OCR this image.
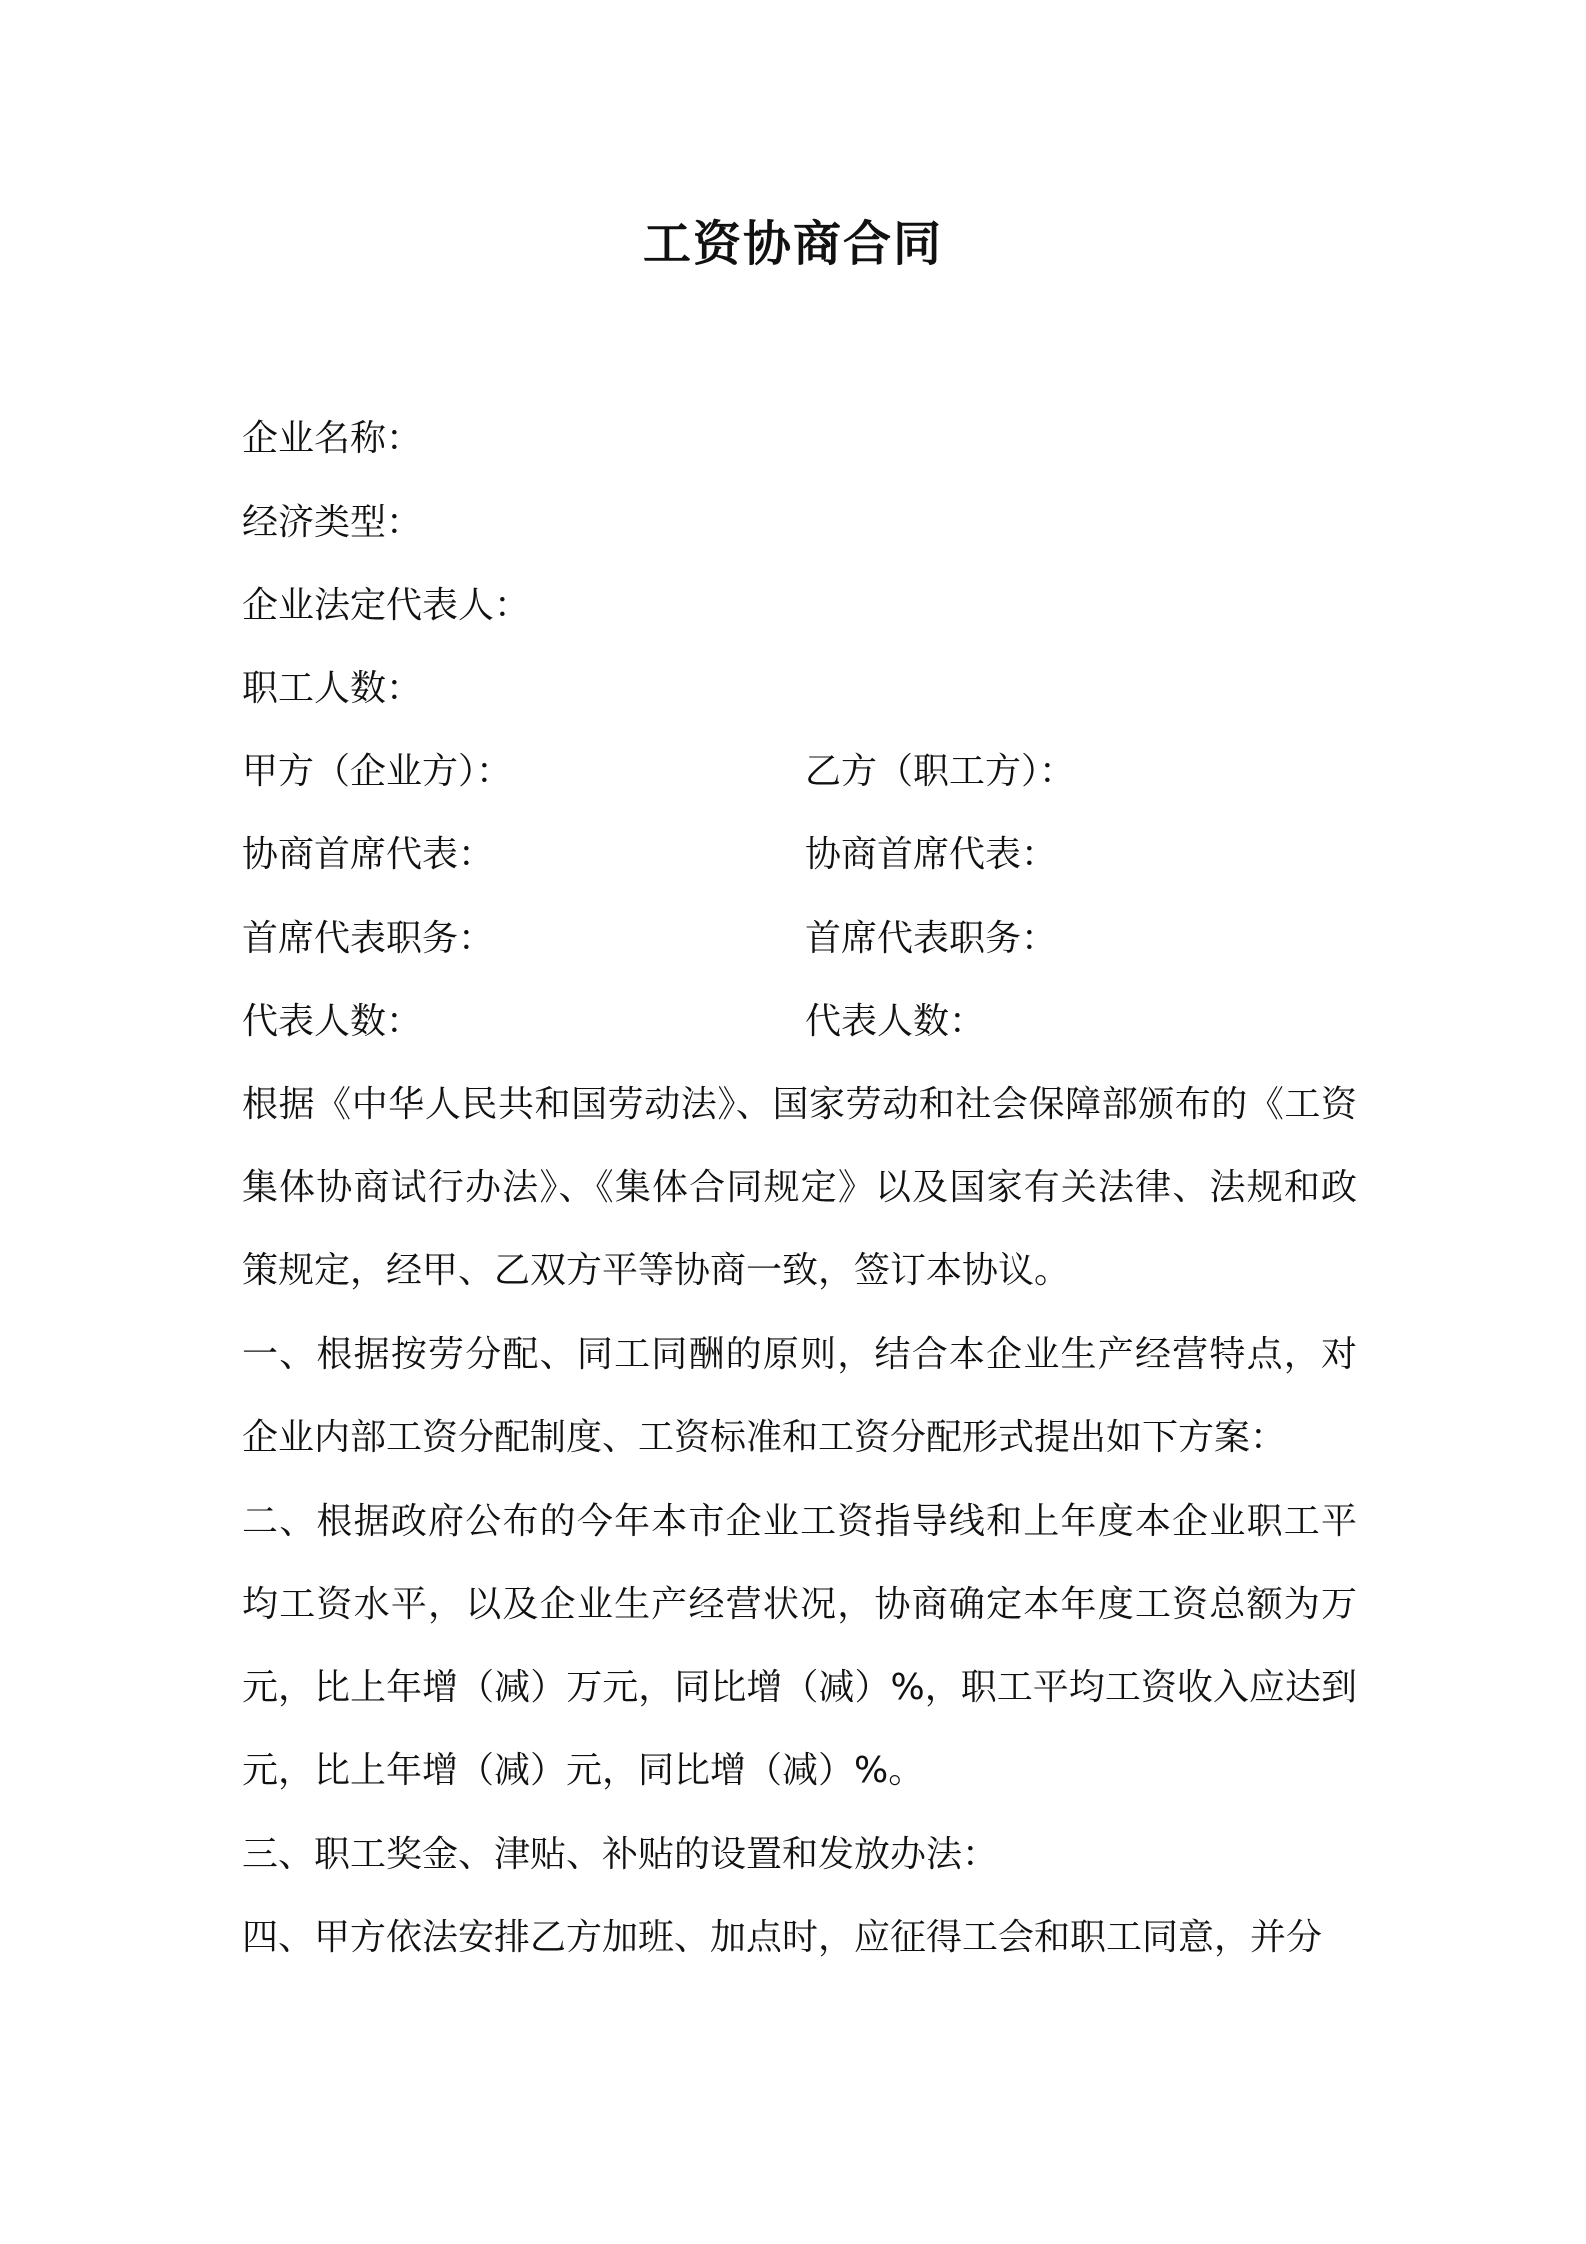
工资协商合同
企业名称：
经济类型：
企业法定代表人：
职工人数：
甲方（企业方）：	乙方（职工方）：
协商首席代表：	协商首席代表：
首席代表职务：	首席代表职务：
代表人数：	代表人数：
根据《中华人民共和国劳动法》、国家劳动和社会保障部颁布的《工资集体协商试行办法》、《集体合同规定》以及国家有关法律、法规和政策规定，经甲、乙双方平等协商一致，签订本协议。
一、根据按劳分配、同工同酬的原则，结合本企业生产经营特点，对企业内部工资分配制度、工资标准和工资分配形式提出如下方案：
二、根据政府公布的今年本市企业工资指导线和上年度本企业职工平均工资水平，以及企业生产经营状况，协商确定本年度工资总额为万元，比上年增（减）万元，同比增（减）%，职工平均工资收入应达到元，比上年增（减）元，同比增（减）%。
三、职工奖金、津贴、补贴的设置和发放办法：
四、甲方依法安排乙方加班、加点时，应征得工会和职工同意，并分
